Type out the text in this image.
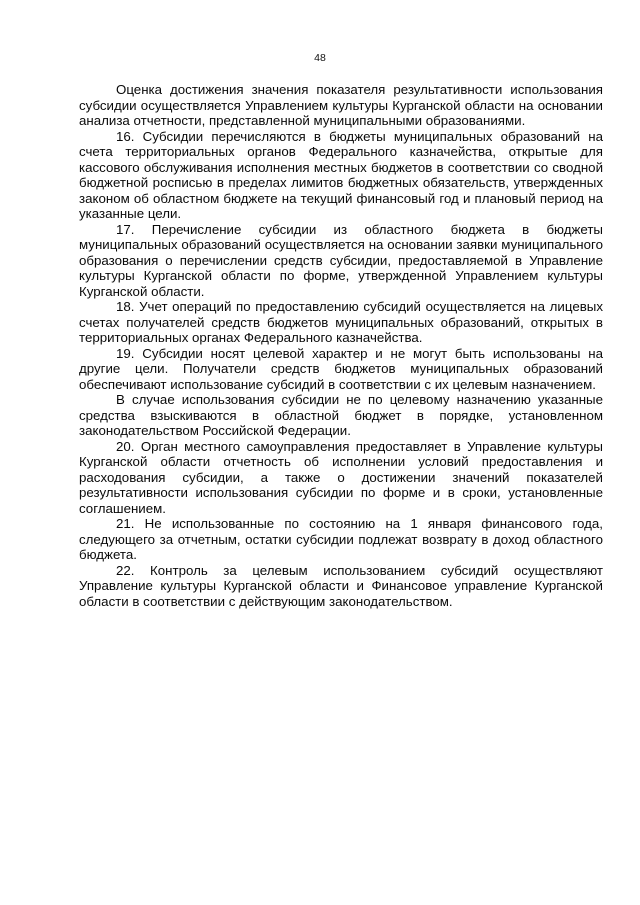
48

Оценка достижения значения показателя результативности использования субсидии осуществляется Управлением культуры Курганской области на основании анализа отчетности, представленной муниципальными образованиями.

16. Субсидии перечисляются в бюджеты муниципальных образований на счета территориальных органов Федерального казначейства, открытые для кассового обслуживания исполнения местных бюджетов в соответствии со сводной бюджетной росписью в пределах лимитов бюджетных обязательств, утвержденных законом об областном бюджете на текущий финансовый год и плановый период на указанные цели.

17. Перечисление субсидии из областного бюджета в бюджеты муниципальных образований осуществляется на основании заявки муниципального образования о перечислении средств субсидии, предоставляемой в Управление культуры Курганской области по форме, утвержденной Управлением культуры Курганской области.

18. Учет операций по предоставлению субсидий осуществляется на лицевых счетах получателей средств бюджетов муниципальных образований, открытых в территориальных органах Федерального казначейства.

19. Субсидии носят целевой характер и не могут быть использованы на другие цели. Получатели средств бюджетов муниципальных образований обеспечивают использование субсидий в соответствии с их целевым назначением.

В случае использования субсидии не по целевому назначению указанные средства взыскиваются в областной бюджет в порядке, установленном законодательством Российской Федерации.

20. Орган местного самоуправления предоставляет в Управление культуры Курганской области отчетность об исполнении условий предоставления и расходования субсидии, а также о достижении значений показателей результативности использования субсидии по форме и в сроки, установленные соглашением.

21. Не использованные по состоянию на 1 января финансового года, следующего за отчетным, остатки субсидии подлежат возврату в доход областного бюджета.

22. Контроль за целевым использованием субсидий осуществляют Управление культуры Курганской области и Финансовое управление Курганской области в соответствии с действующим законодательством.
